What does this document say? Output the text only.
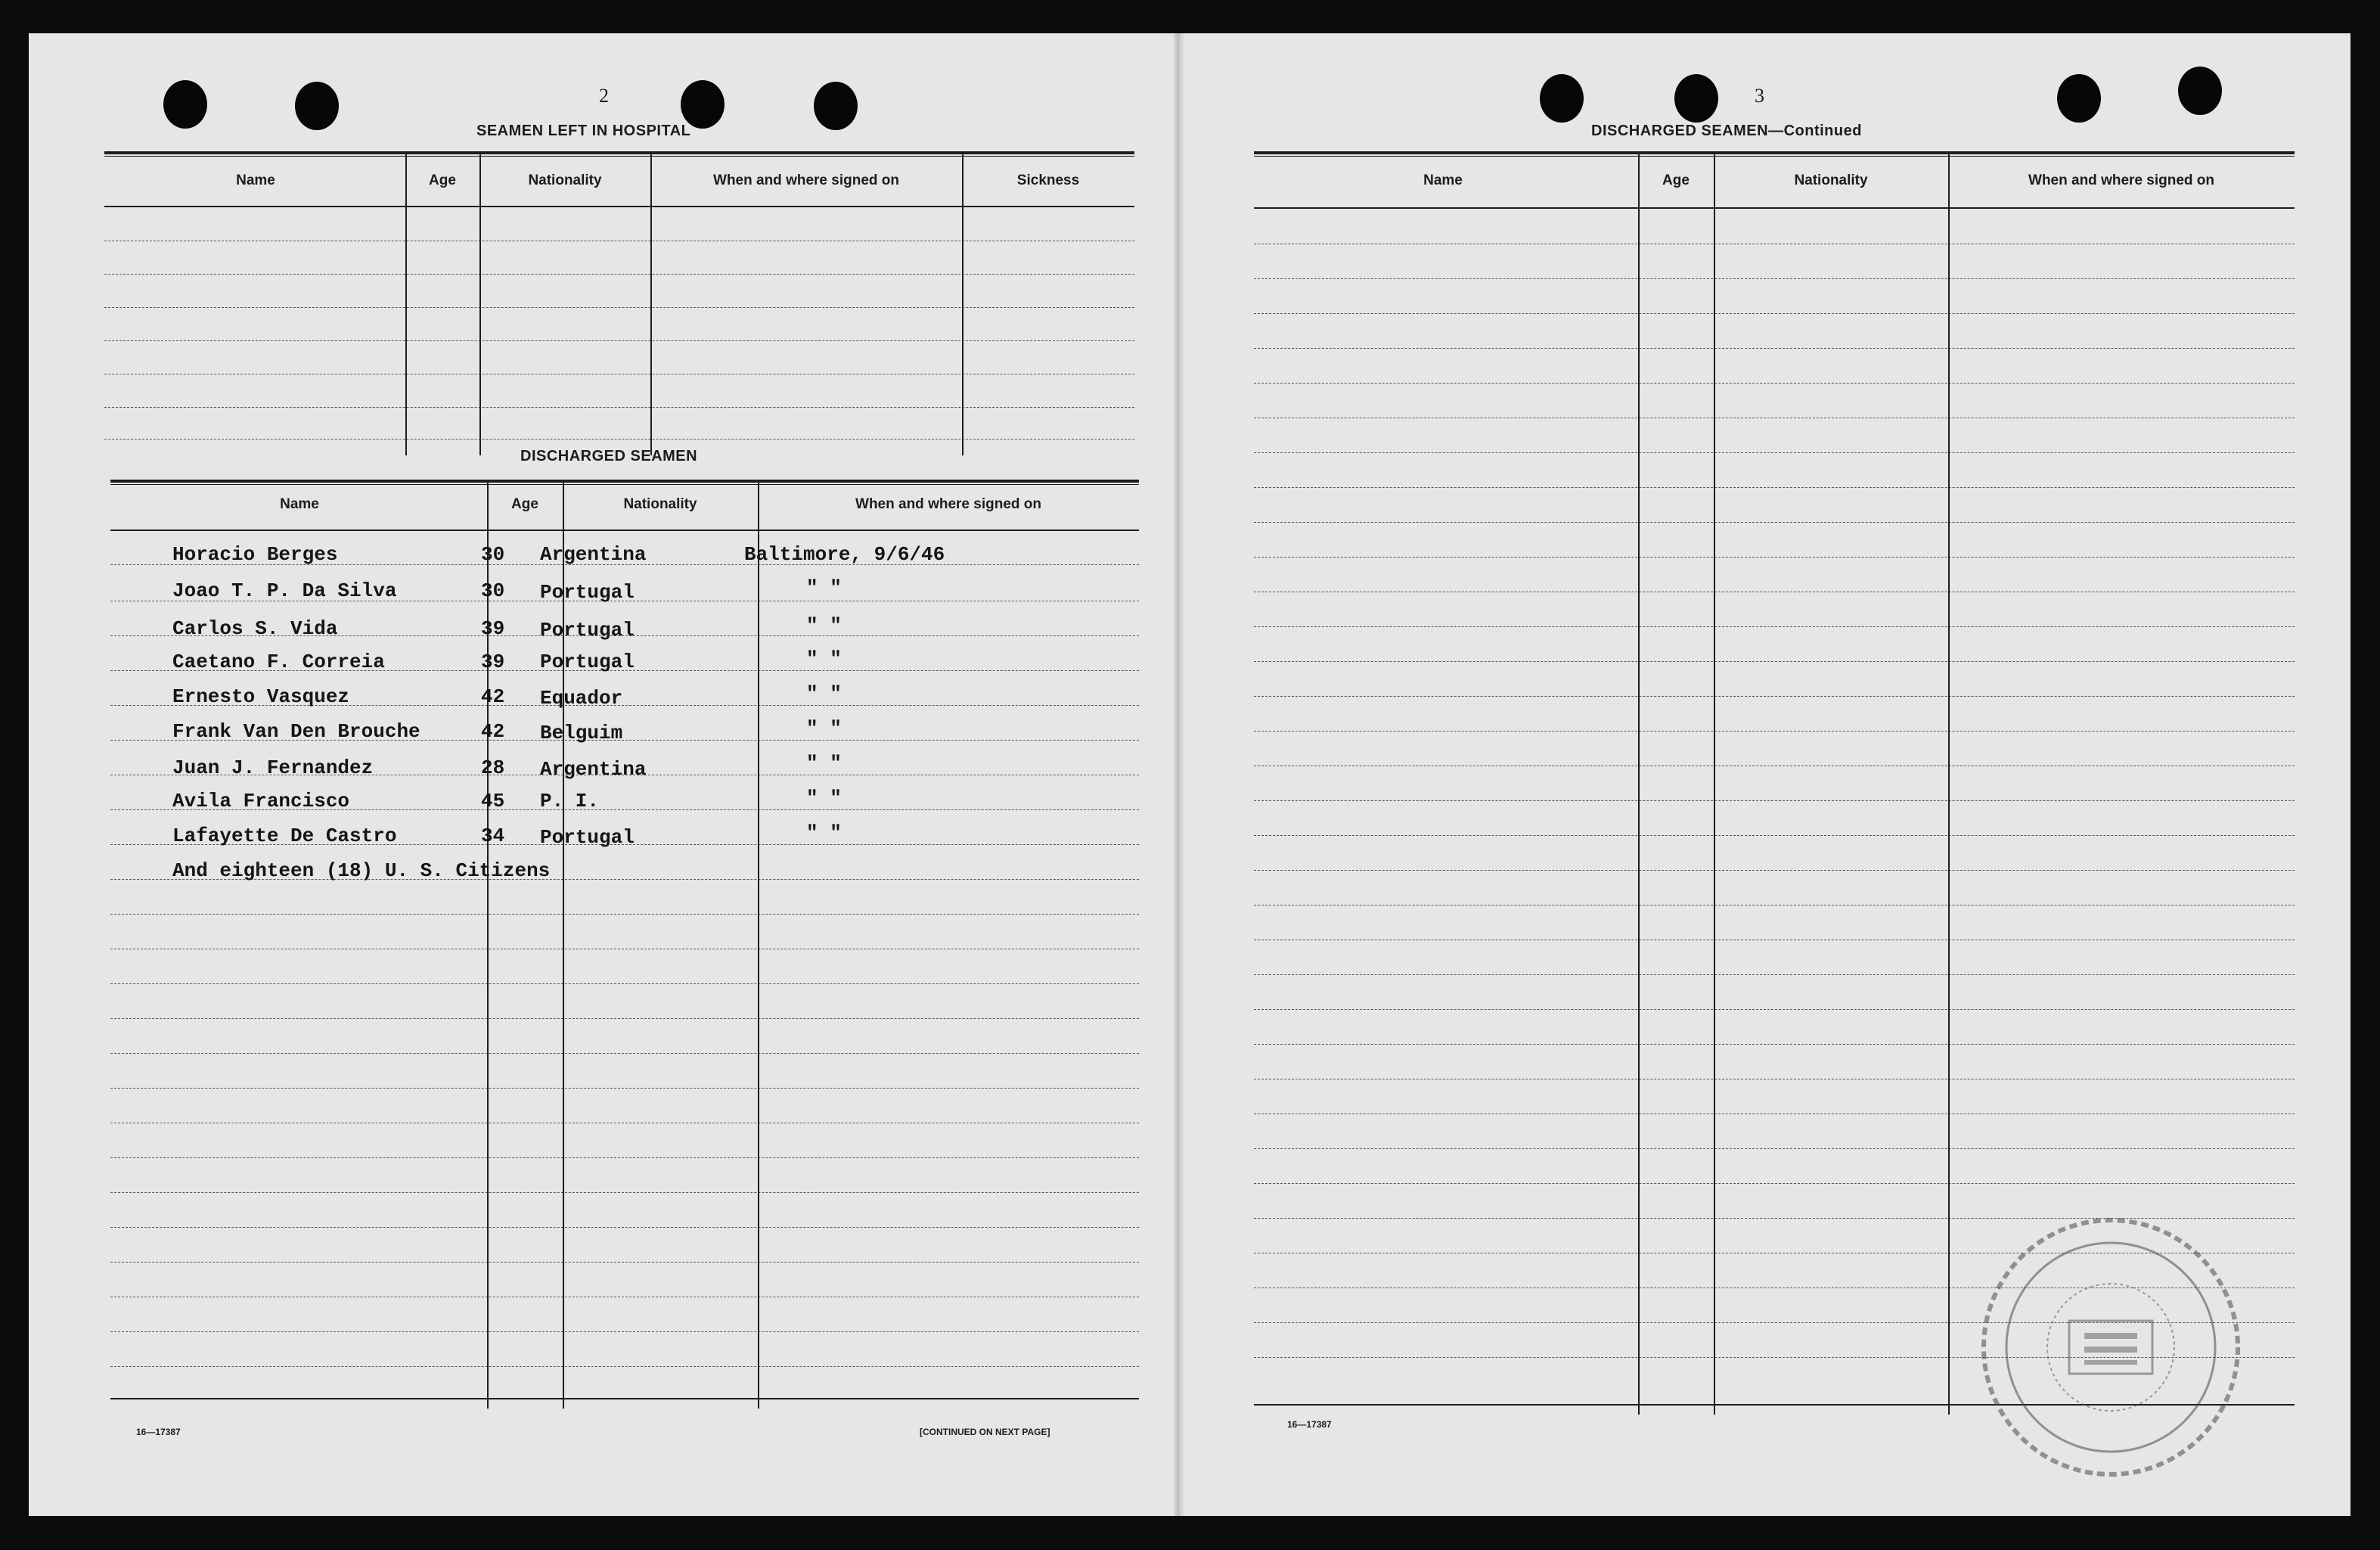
2
SEAMEN LEFT IN HOSPITAL
Name	Age	Nationality	When and where signed on	Sickness
DISCHARGED SEAMEN
Name	Age	Nationality	When and where signed on
Horacio Berges	30 Argentina	Baltimore, 9/6/46
Joao T. P. Da Silva	30 Portugal	" "
Carlos S. Vida	39 Portugal	" "
Caetano F. Correia	39 Portugal	" "
Ernesto Vasquez	42 Equador	" "
Frank Van Den Brouche	42 Belguim	" "
Juan J. Fernandez	28 Argentina	" "
Avila Francisco	45 P. I.	" "
Lafayette De Castro	34 Portugal	" "
And eighteen (18) U. S. Citizens
16—17387	[CONTINUED ON NEXT PAGE]
3
DISCHARGED SEAMEN—Continued
Name	Age	Nationality	When and where signed on
16—17387
